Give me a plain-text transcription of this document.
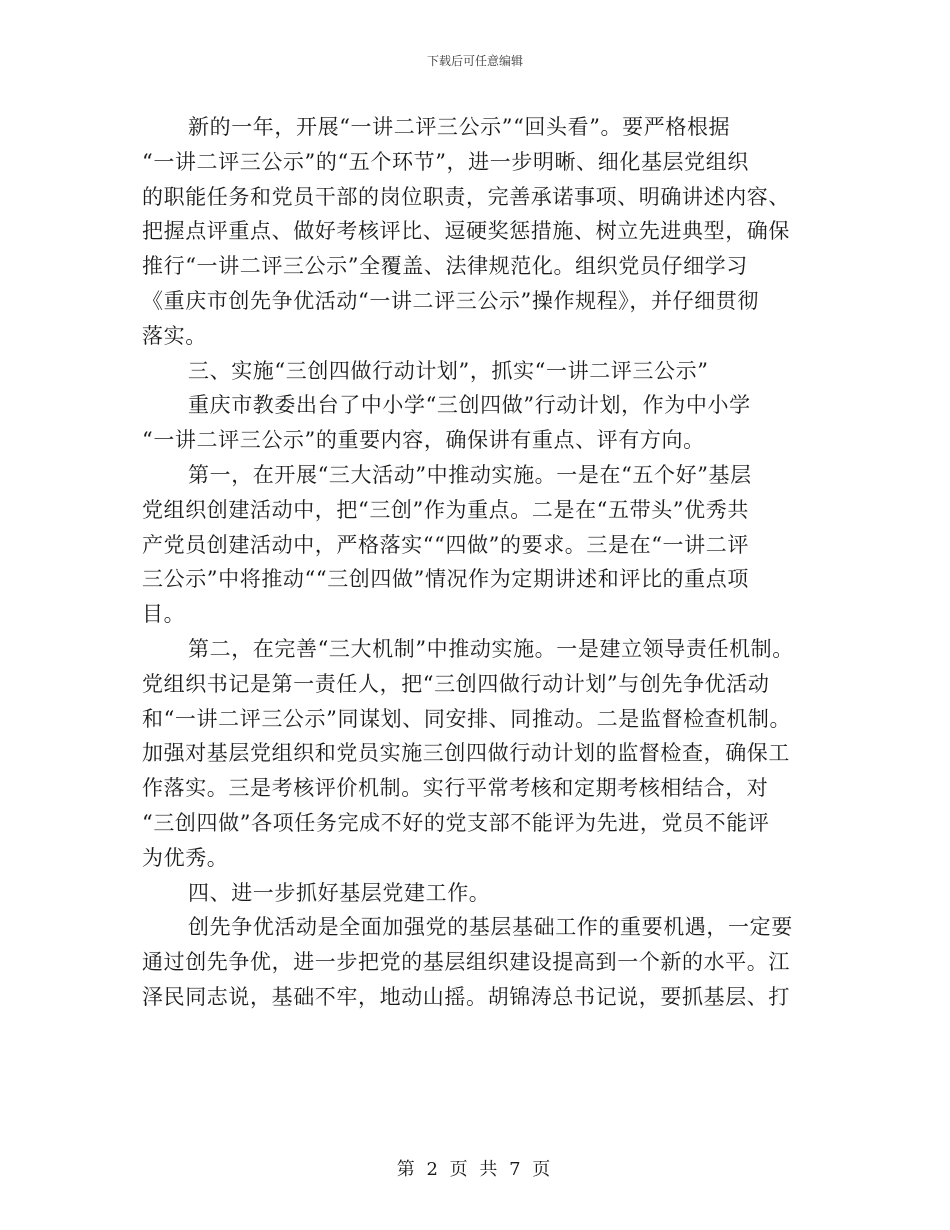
下载后可任意编辑
新的一年，开展“一讲二评三公示”“回头看”。要严格根据
“一讲二评三公示”的“五个环节”，进一步明晰、细化基层党组织
的职能任务和党员干部的岗位职责，完善承诺事项、明确讲述内容、
把握点评重点、做好考核评比、逗硬奖惩措施、树立先进典型，确保
推行“一讲二评三公示”全覆盖、法律规范化。组织党员仔细学习
《重庆市创先争优活动“一讲二评三公示”操作规程》，并仔细贯彻
落实。
三、实施“三创四做行动计划”，抓实“一讲二评三公示”
重庆市教委出台了中小学“三创四做”行动计划，作为中小学
“一讲二评三公示”的重要内容，确保讲有重点、评有方向。
第一，在开展“三大活动”中推动实施。一是在“五个好”基层
党组织创建活动中，把“三创”作为重点。二是在“五带头”优秀共
产党员创建活动中，严格落实““四做”的要求。三是在“一讲二评
三公示”中将推动““三创四做”情况作为定期讲述和评比的重点项
目。
第二，在完善“三大机制”中推动实施。一是建立领导责任机制。
党组织书记是第一责任人，把“三创四做行动计划”与创先争优活动
和“一讲二评三公示”同谋划、同安排、同推动。二是监督检查机制。
加强对基层党组织和党员实施三创四做行动计划的监督检查，确保工
作落实。三是考核评价机制。实行平常考核和定期考核相结合，对
“三创四做”各项任务完成不好的党支部不能评为先进，党员不能评
为优秀。
四、进一步抓好基层党建工作。
创先争优活动是全面加强党的基层基础工作的重要机遇，一定要
通过创先争优，进一步把党的基层组织建设提高到一个新的水平。江
泽民同志说，基础不牢，地动山摇。胡锦涛总书记说，要抓基层、打
第 2 页 共 7 页
